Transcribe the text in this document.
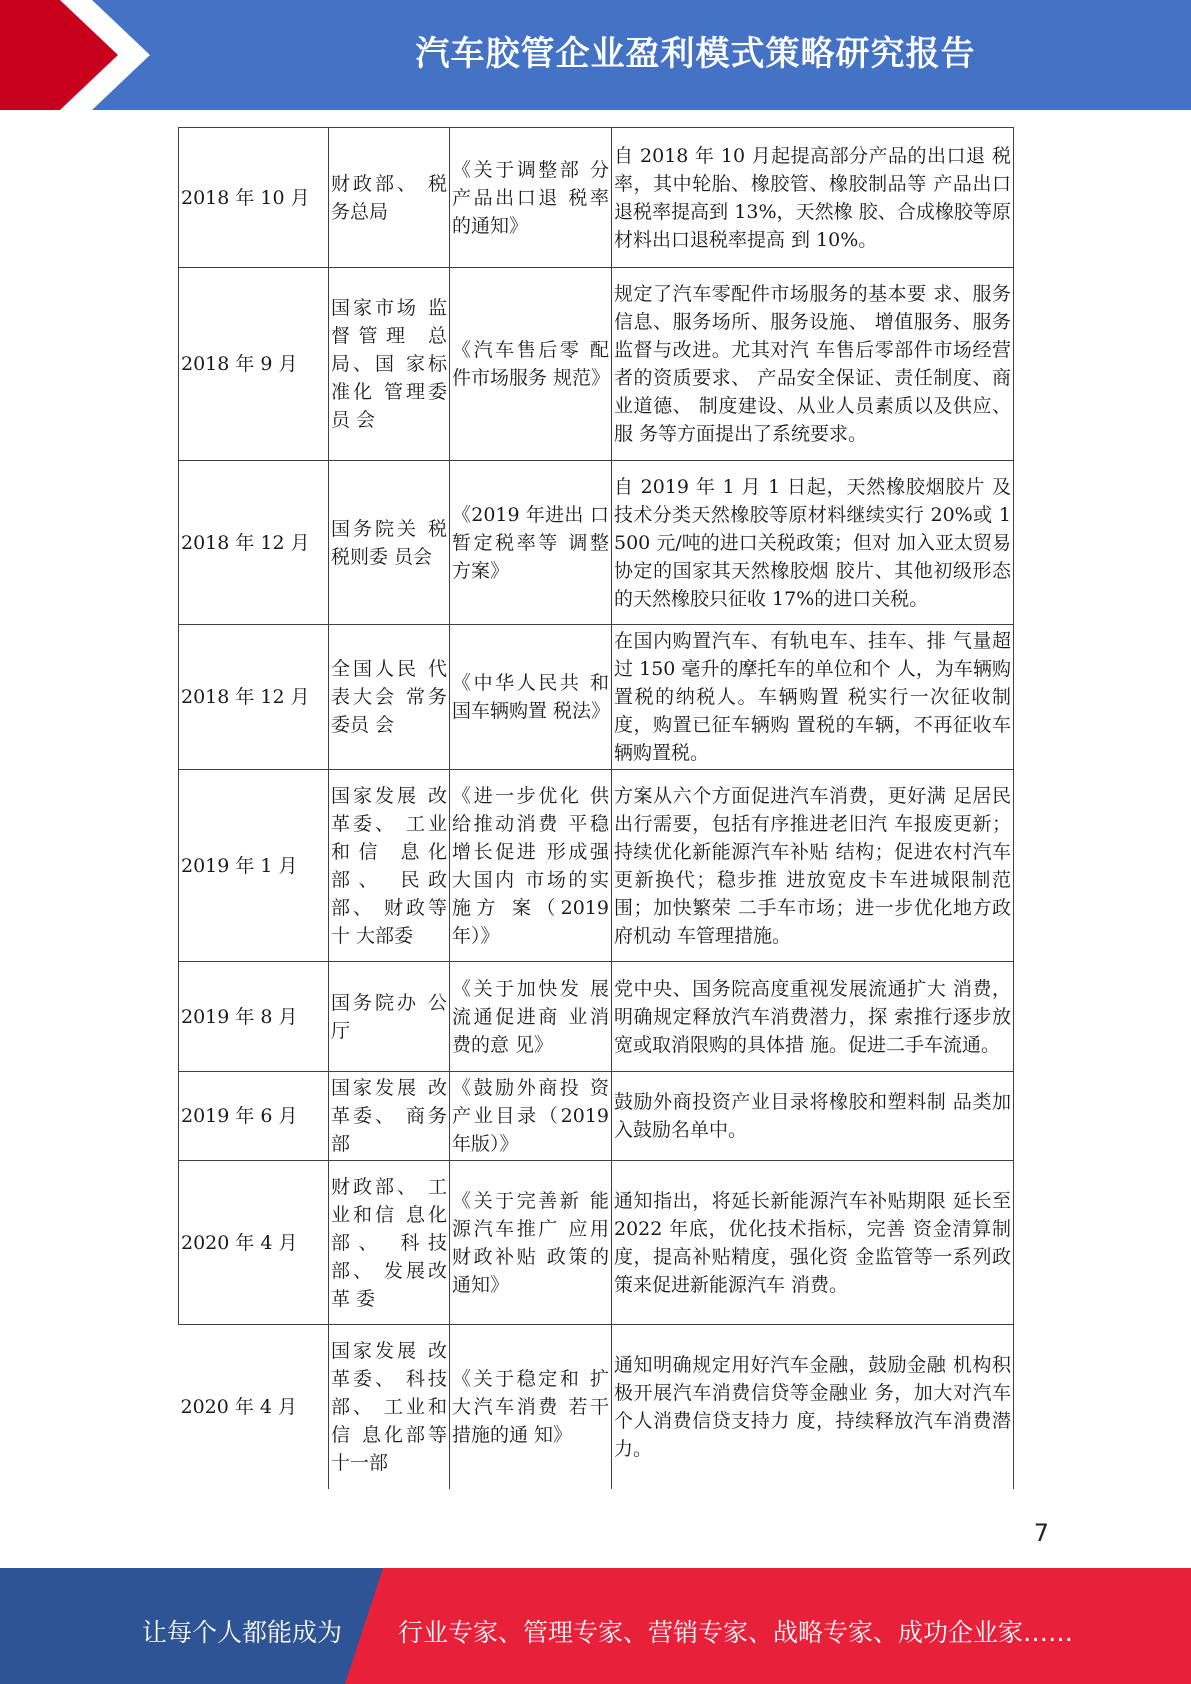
汽车胶管企业盈利模式策略研究报告
2018 年 10 月	财政部、 税务总局	《关于调整部 分产品出口退 税率的通知》	自 2018 年 10 月起提高部分产品的出口退 税率，其中轮胎、橡胶管、橡胶制品等 产品出口退税率提高到 13%，天然橡 胶、合成橡胶等原材料出口退税率提高 到 10%。
2018 年 9 月	国家市场 监督管理 总局、国 家标准化 管理委员 会	《汽车售后零 配件市场服务 规范》	规定了汽车零配件市场服务的基本要 求、服务信息、服务场所、服务设施、 增值服务、服务监督与改进。尤其对汽 车售后零部件市场经营者的资质要求、 产品安全保证、责任制度、商业道德、 制度建设、从业人员素质以及供应、服 务等方面提出了系统要求。
2018 年 12 月	国务院关 税税则委 员会	《2019 年进出 口暂定税率等 调整方案》	自 2019 年 1 月 1 日起，天然橡胶烟胶片 及技术分类天然橡胶等原材料继续实行 20%或 1500 元/吨的进口关税政策；但对 加入亚太贸易协定的国家其天然橡胶烟 胶片、其他初级形态的天然橡胶只征收 17%的进口关税。
2018 年 12 月	全国人民 代表大会 常务委员 会	《中华人民共 和国车辆购置 税法》	在国内购置汽车、有轨电车、挂车、排 气量超过 150 毫升的摩托车的单位和个 人，为车辆购置税的纳税人。车辆购置 税实行一次征收制度，购置已征车辆购 置税的车辆，不再征收车辆购置税。
2019 年 1 月	国家发展 改革委、 工业和信 息化部、 民政部、 财政等十 大部委	《进一步优化 供给推动消费 平稳增长促进 形成强大国内 市场的实施方 案（2019 年）》	方案从六个方面促进汽车消费，更好满 足居民出行需要，包括有序推进老旧汽 车报废更新；持续优化新能源汽车补贴 结构；促进农村汽车更新换代；稳步推 进放宽皮卡车进城限制范围；加快繁荣 二手车市场；进一步优化地方政府机动 车管理措施。
2019 年 8 月	国务院办 公厅	《关于加快发 展流通促进商 业消费的意 见》	党中央、国务院高度重视发展流通扩大 消费，明确规定释放汽车消费潜力，探 索推行逐步放宽或取消限购的具体措 施。促进二手车流通。
2019 年 6 月	国家发展 改革委、 商务部	《鼓励外商投 资产业目录（2019 年版）》	鼓励外商投资产业目录将橡胶和塑料制 品类加入鼓励名单中。
2020 年 4 月	财政部、 工业和信 息化部、 科技部、 发展改革 委	《关于完善新 能源汽车推广 应用财政补贴 政策的通知》	通知指出，将延长新能源汽车补贴期限 延长至 2022 年底，优化技术指标，完善 资金清算制度，提高补贴精度，强化资 金监管等一系列政策来促进新能源汽车 消费。
2020 年 4 月	国家发展 改革委、 科技部、 工业和信 息化部等 十一部	《关于稳定和 扩大汽车消费 若干措施的通 知》	通知明确规定用好汽车金融，鼓励金融 机构积极开展汽车消费信贷等金融业 务，加大对汽车个人消费信贷支持力 度，持续释放汽车消费潜力。
7
让每个人都能成为 行业专家、管理专家、营销专家、战略专家、成功企业家……
